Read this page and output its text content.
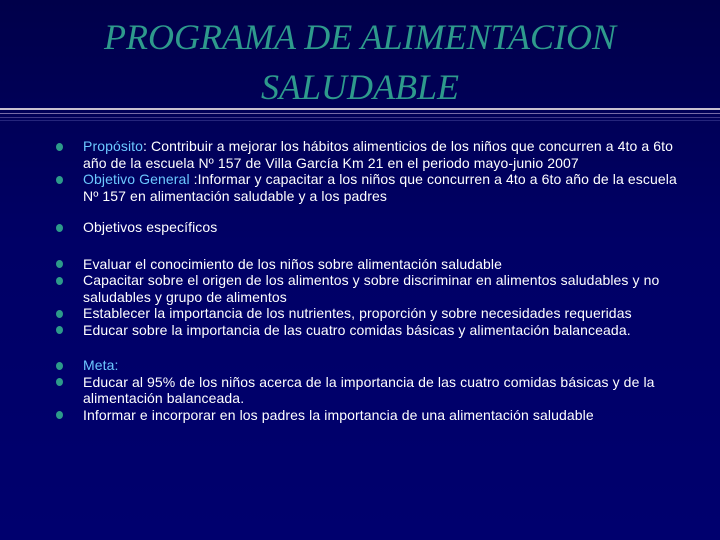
PROGRAMA DE ALIMENTACION
SALUDABLE
Propósito: Contribuir a mejorar los hábitos alimenticios de los niños que concurren a 4to a 6to año de la escuela Nº 157 de Villa García Km 21 en el periodo mayo-junio 2007
Objetivo General :Informar y capacitar a los niños que concurren a 4to a 6to año de la escuela Nº 157 en alimentación saludable y a los padres
Objetivos específicos
Evaluar el conocimiento de los niños sobre alimentación saludable
Capacitar sobre el origen de los alimentos y sobre discriminar en alimentos saludables y no saludables y grupo de alimentos
Establecer la importancia de los nutrientes, proporción y sobre necesidades requeridas
Educar sobre la importancia de las cuatro comidas básicas y alimentación balanceada.
Meta:
Educar al 95% de los niños acerca de la importancia de las cuatro comidas básicas y de la alimentación balanceada.
Informar e incorporar en los padres la importancia de una alimentación saludable
